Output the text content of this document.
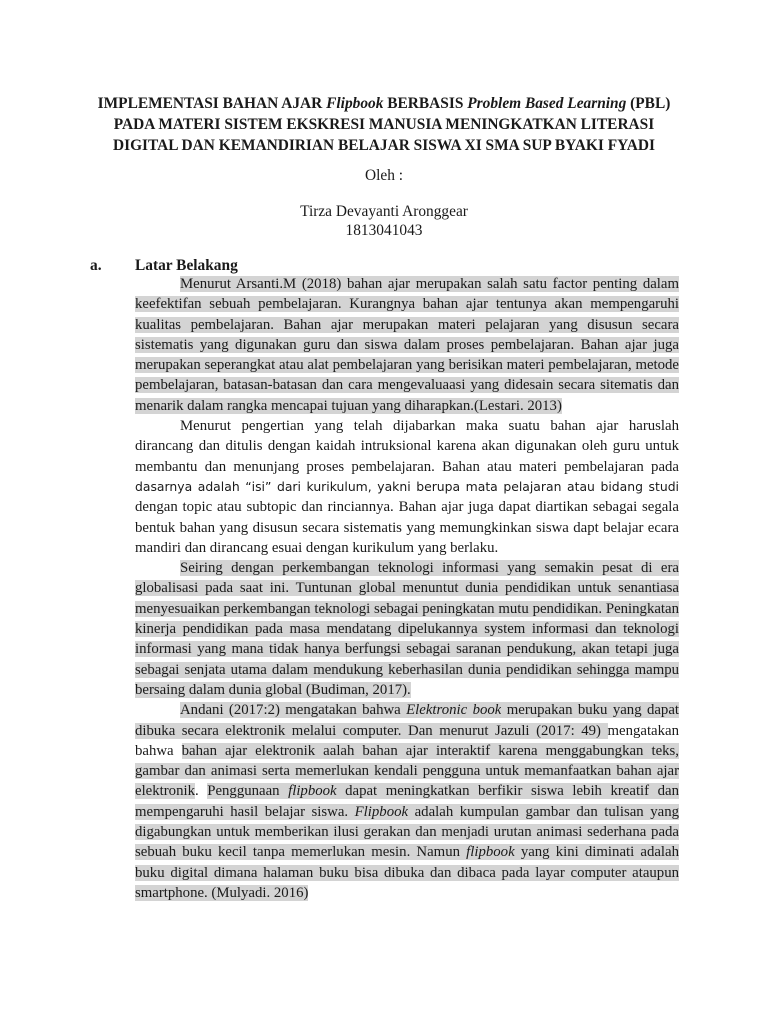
IMPLEMENTASI BAHAN AJAR Flipbook BERBASIS Problem Based Learning (PBL) PADA MATERI SISTEM EKSKRESI MANUSIA MENINGKATKAN LITERASI DIGITAL DAN KEMANDIRIAN BELAJAR SISWA XI SMA SUP BYAKI FYADI
Oleh :
Tirza Devayanti Aronggear
1813041043
a. Latar Belakang

Menurut Arsanti.M (2018) bahan ajar merupakan salah satu factor penting dalam keefektifan sebuah pembelajaran. Kurangnya bahan ajar tentunya akan mempengaruhi kualitas pembelajaran. Bahan ajar merupakan materi pelajaran yang disusun secara sistematis yang digunakan guru dan siswa dalam proses pembelajaran. Bahan ajar juga merupakan seperangkat atau alat pembelajaran yang berisikan materi pembelajaran, metode pembelajaran, batasan-batasan dan cara mengevaluaasi yang didesain secara sitematis dan menarik dalam rangka mencapai tujuan yang diharapkan.(Lestari. 2013)

Menurut pengertian yang telah dijabarkan maka suatu bahan ajar haruslah dirancang dan ditulis dengan kaidah intruksional karena akan digunakan oleh guru untuk membantu dan menunjang proses pembelajaran. Bahan atau materi pembelajaran pada dasarnya adalah “isi” dari kurikulum, yakni berupa mata pelajaran atau bidang studi dengan topic atau subtopic dan rinciannya. Bahan ajar juga dapat diartikan sebagai segala bentuk bahan yang disusun secara sistematis yang memungkinkan siswa dapt belajar ecara mandiri dan dirancang esuai dengan kurikulum yang berlaku.

Seiring dengan perkembangan teknologi informasi yang semakin pesat di era globalisasi pada saat ini. Tuntunan global menuntut dunia pendidikan untuk senantiasa menyesuaikan perkembangan teknologi sebagai peningkatan mutu pendidikan. Peningkatan kinerja pendidikan pada masa mendatang dipelukannya system informasi dan teknologi informasi yang mana tidak hanya berfungsi sebagai saranan pendukung, akan tetapi juga sebagai senjata utama dalam mendukung keberhasilan dunia pendidikan sehingga mampu bersaing dalam dunia global (Budiman, 2017).

Andani (2017:2) mengatakan bahwa Elektronic book merupakan buku yang dapat dibuka secara elektronik melalui computer. Dan menurut Jazuli (2017: 49) mengatakan bahwa bahan ajar elektronik aalah bahan ajar interaktif karena menggabungkan teks, gambar dan animasi serta memerlukan kendali pengguna untuk memanfaatkan bahan ajar elektronik. Penggunaan flipbook dapat meningkatkan berfikir siswa lebih kreatif dan mempengaruhi hasil belajar siswa. Flipbook adalah kumpulan gambar dan tulisan yang digabungkan untuk memberikan ilusi gerakan dan menjadi urutan animasi sederhana pada sebuah buku kecil tanpa memerlukan mesin. Namun flipbook yang kini diminati adalah buku digital dimana halaman buku bisa dibuka dan dibaca pada layar computer ataupun smartphone. (Mulyadi. 2016)
